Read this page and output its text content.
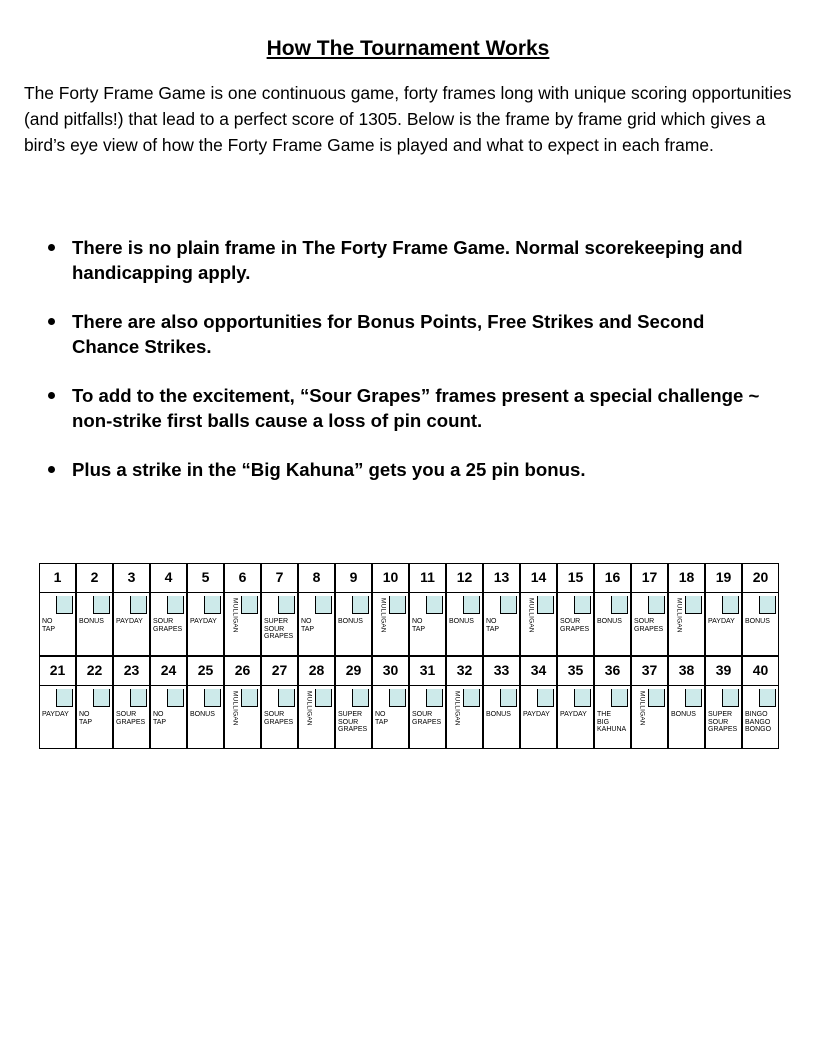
How The Tournament Works

The Forty Frame Game is one continuous game, forty frames long with unique scoring opportunities (and pitfalls!) that lead to a perfect score of 1305. Below is the frame by frame grid which gives a bird’s eye view of how the Forty Frame Game is played and what to expect in each frame.

There is no plain frame in The Forty Frame Game. Normal scorekeeping and handicapping apply.
There are also opportunities for Bonus Points, Free Strikes and Second Chance Strikes.
To add to the excitement, “Sour Grapes” frames present a special challenge ~ non-strike first balls cause a loss of pin count.
Plus a strike in the “Big Kahuna” gets you a 25 pin bonus.
1
NO
TAP
2
BONUS
3
PAYDAY
4
SOUR
GRAPES
5
PAYDAY
6
MULLIGAN
7
SUPER
SOUR
GRAPES
8
NO
TAP
9
BONUS
10
MULLIGAN
11
NO
TAP
12
BONUS
13
NO
TAP
14
MULLIGAN
15
SOUR
GRAPES
16
BONUS
17
SOUR
GRAPES
18
MULLIGAN
19
PAYDAY
20
BONUS
21
PAYDAY
22
NO
TAP
23
SOUR
GRAPES
24
NO
TAP
25
BONUS
26
MULLIGAN
27
SOUR
GRAPES
28
MULLIGAN
29
SUPER
SOUR
GRAPES
30
NO
TAP
31
SOUR
GRAPES
32
MULLIGAN
33
BONUS
34
PAYDAY
35
PAYDAY
36
THE
BIG
KAHUNA
37
MULLIGAN
38
BONUS
39
SUPER
SOUR
GRAPES
40
BINGO
BANGO
BONGO
